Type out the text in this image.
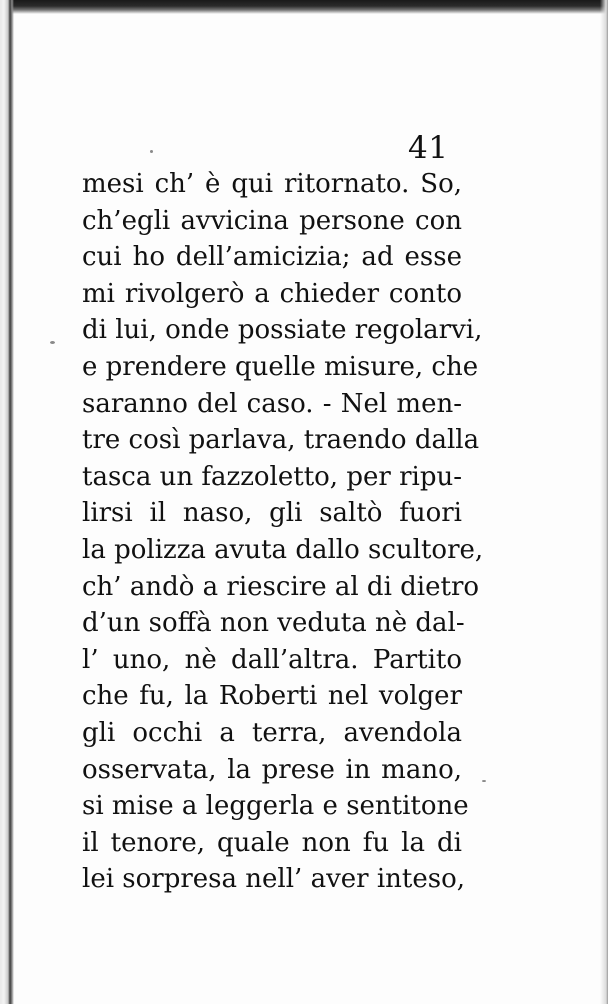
41
mesi ch’ è qui ritornato. So,
ch’egli avvicina persone con
cui ho dell’amicizia; ad esse
mi rivolgerò a chieder conto
di lui, onde possiate regolarvi,
e prendere quelle misure, che
saranno del caso. - Nel men-
tre così parlava, traendo dalla
tasca un fazzoletto, per ripu-
lirsi il naso, gli saltò fuori
la polizza avuta dallo scultore,
ch’ andò a riescire al di dietro
d’un soffà non veduta nè dal-
l’ uno, nè dall’altra. Partito
che fu, la Roberti nel volger
gli occhi a terra, avendola
osservata, la prese in mano,
si mise a leggerla e sentitone
il tenore, quale non fu la di
lei sorpresa nell’ aver inteso,
